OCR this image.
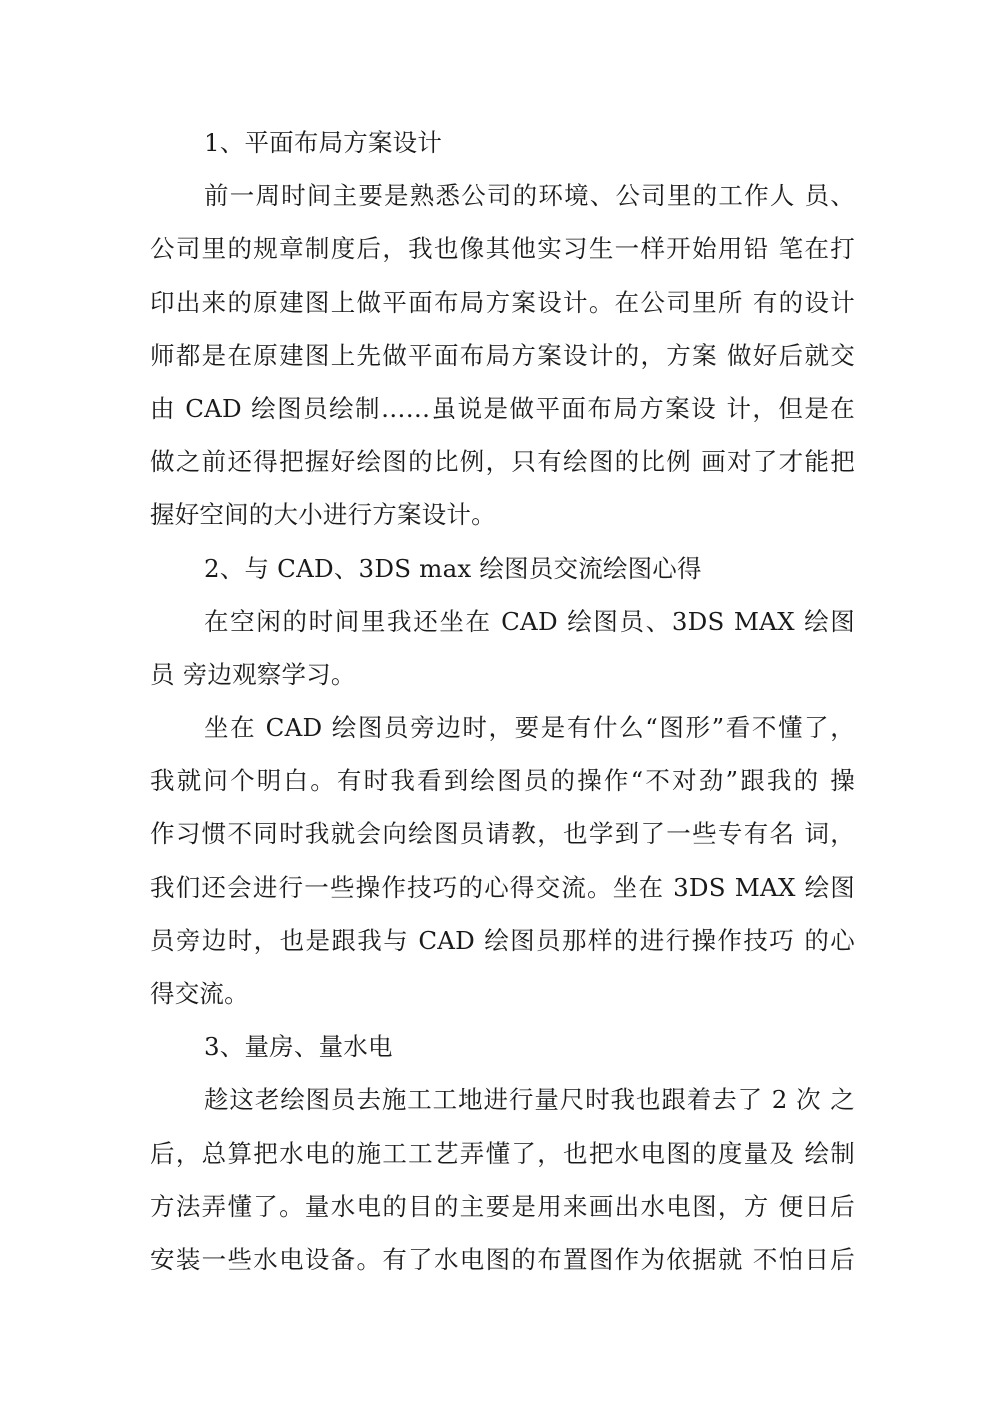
1、平面布局方案设计
前一周时间主要是熟悉公司的环境、公司里的工作人 员、
公司里的规章制度后，我也像其他实习生一样开始用铅 笔在打
印出来的原建图上做平面布局方案设计。在公司里所 有的设计
师都是在原建图上先做平面布局方案设计的，方案 做好后就交
由 CAD 绘图员绘制……虽说是做平面布局方案设 计，但是在
做之前还得把握好绘图的比例，只有绘图的比例 画对了才能把
握好空间的大小进行方案设计。
2、与 CAD、3DS max 绘图员交流绘图心得
在空闲的时间里我还坐在 CAD 绘图员、3DS MAX 绘图
员 旁边观察学习。
坐在 CAD 绘图员旁边时，要是有什么“图形”看不懂了，
我就问个明白。有时我看到绘图员的操作“不对劲”跟我的 操
作习惯不同时我就会向绘图员请教，也学到了一些专有名 词，
我们还会进行一些操作技巧的心得交流。坐在 3DS MAX 绘图
员旁边时，也是跟我与 CAD 绘图员那样的进行操作技巧 的心
得交流。
3、量房、量水电
趁这老绘图员去施工工地进行量尺时我也跟着去了 2 次 之
后，总算把水电的施工工艺弄懂了，也把水电图的度量及 绘制
方法弄懂了。量水电的目的主要是用来画出水电图，方 便日后
安装一些水电设备。有了水电图的布置图作为依据就 不怕日后
